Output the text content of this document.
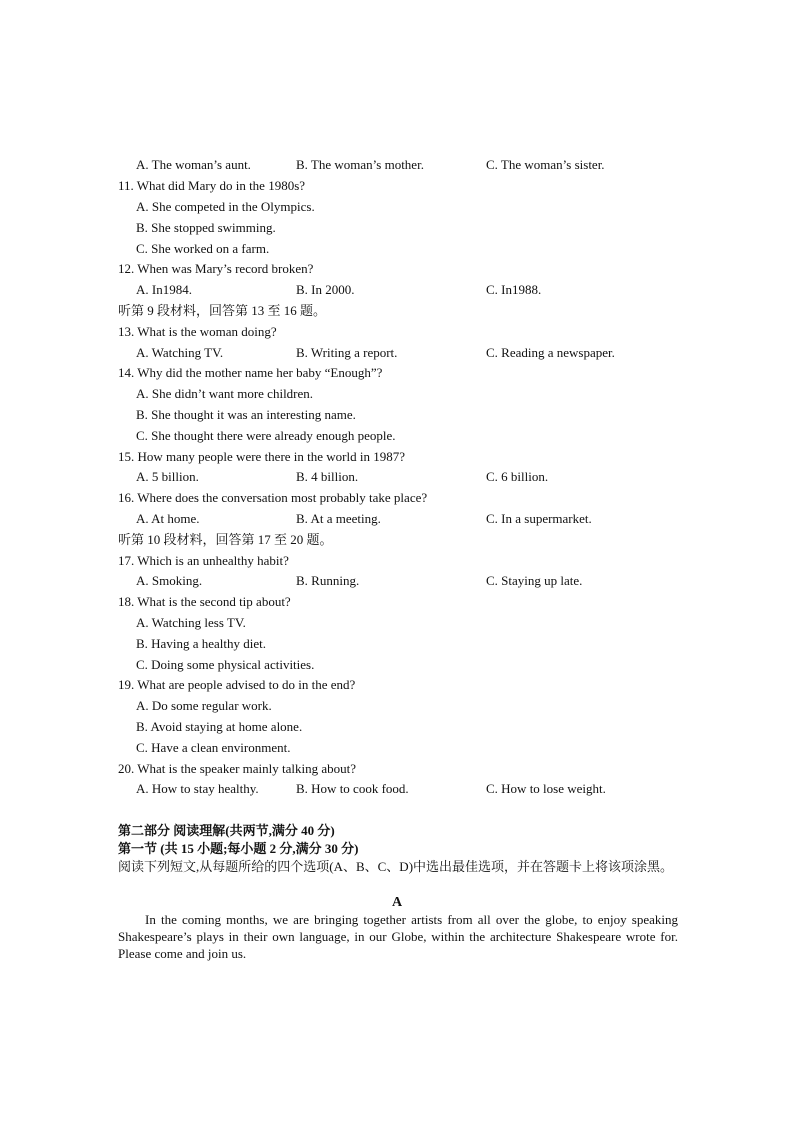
A. The woman’s aunt.	B. The woman’s mother.	C. The woman’s sister.
11. What did Mary do in the 1980s?
A. She competed in the Olympics.
B. She stopped swimming.
C. She worked on a farm.
12. When was Mary’s record broken?
A. In1984.	B. In 2000.	C. In1988.
听第 9 段材料，回答第 13 至 16 题。
13. What is the woman doing?
A. Watching TV.	B. Writing a report.	C. Reading a newspaper.
14. Why did the mother name her baby “Enough”?
A. She didn’t want more children.
B. She thought it was an interesting name.
C. She thought there were already enough people.
15. How many people were there in the world in 1987?
A. 5 billion.	B. 4 billion.	C. 6 billion.
16. Where does the conversation most probably take place?
A. At home.	B. At a meeting.	C. In a supermarket.
听第 10 段材料，回答第 17 至 20 题。
17. Which is an unhealthy habit?
A. Smoking.	B. Running.	C. Staying up late.
18. What is the second tip about?
A. Watching less TV.
B. Having a healthy diet.
C. Doing some physical activities.
19. What are people advised to do in the end?
A. Do some regular work.
B. Avoid staying at home alone.
C. Have a clean environment.
20. What is the speaker mainly talking about?
A. How to stay healthy.	B. How to cook food.	C. How to lose weight.
第二部分 阅读理解(共两节,满分 40 分)
第一节 (共 15 小题;每小题 2 分,满分 30 分)
阅读下列短文,从每题所给的四个选项(A、B、C、D)中选出最佳选项，并在答题卡上将该项涂黑。
A
In the coming months, we are bringing together artists from all over the globe, to enjoy speaking Shakespeare’s plays in their own language, in our Globe, within the architecture Shakespeare wrote for. Please come and join us.
